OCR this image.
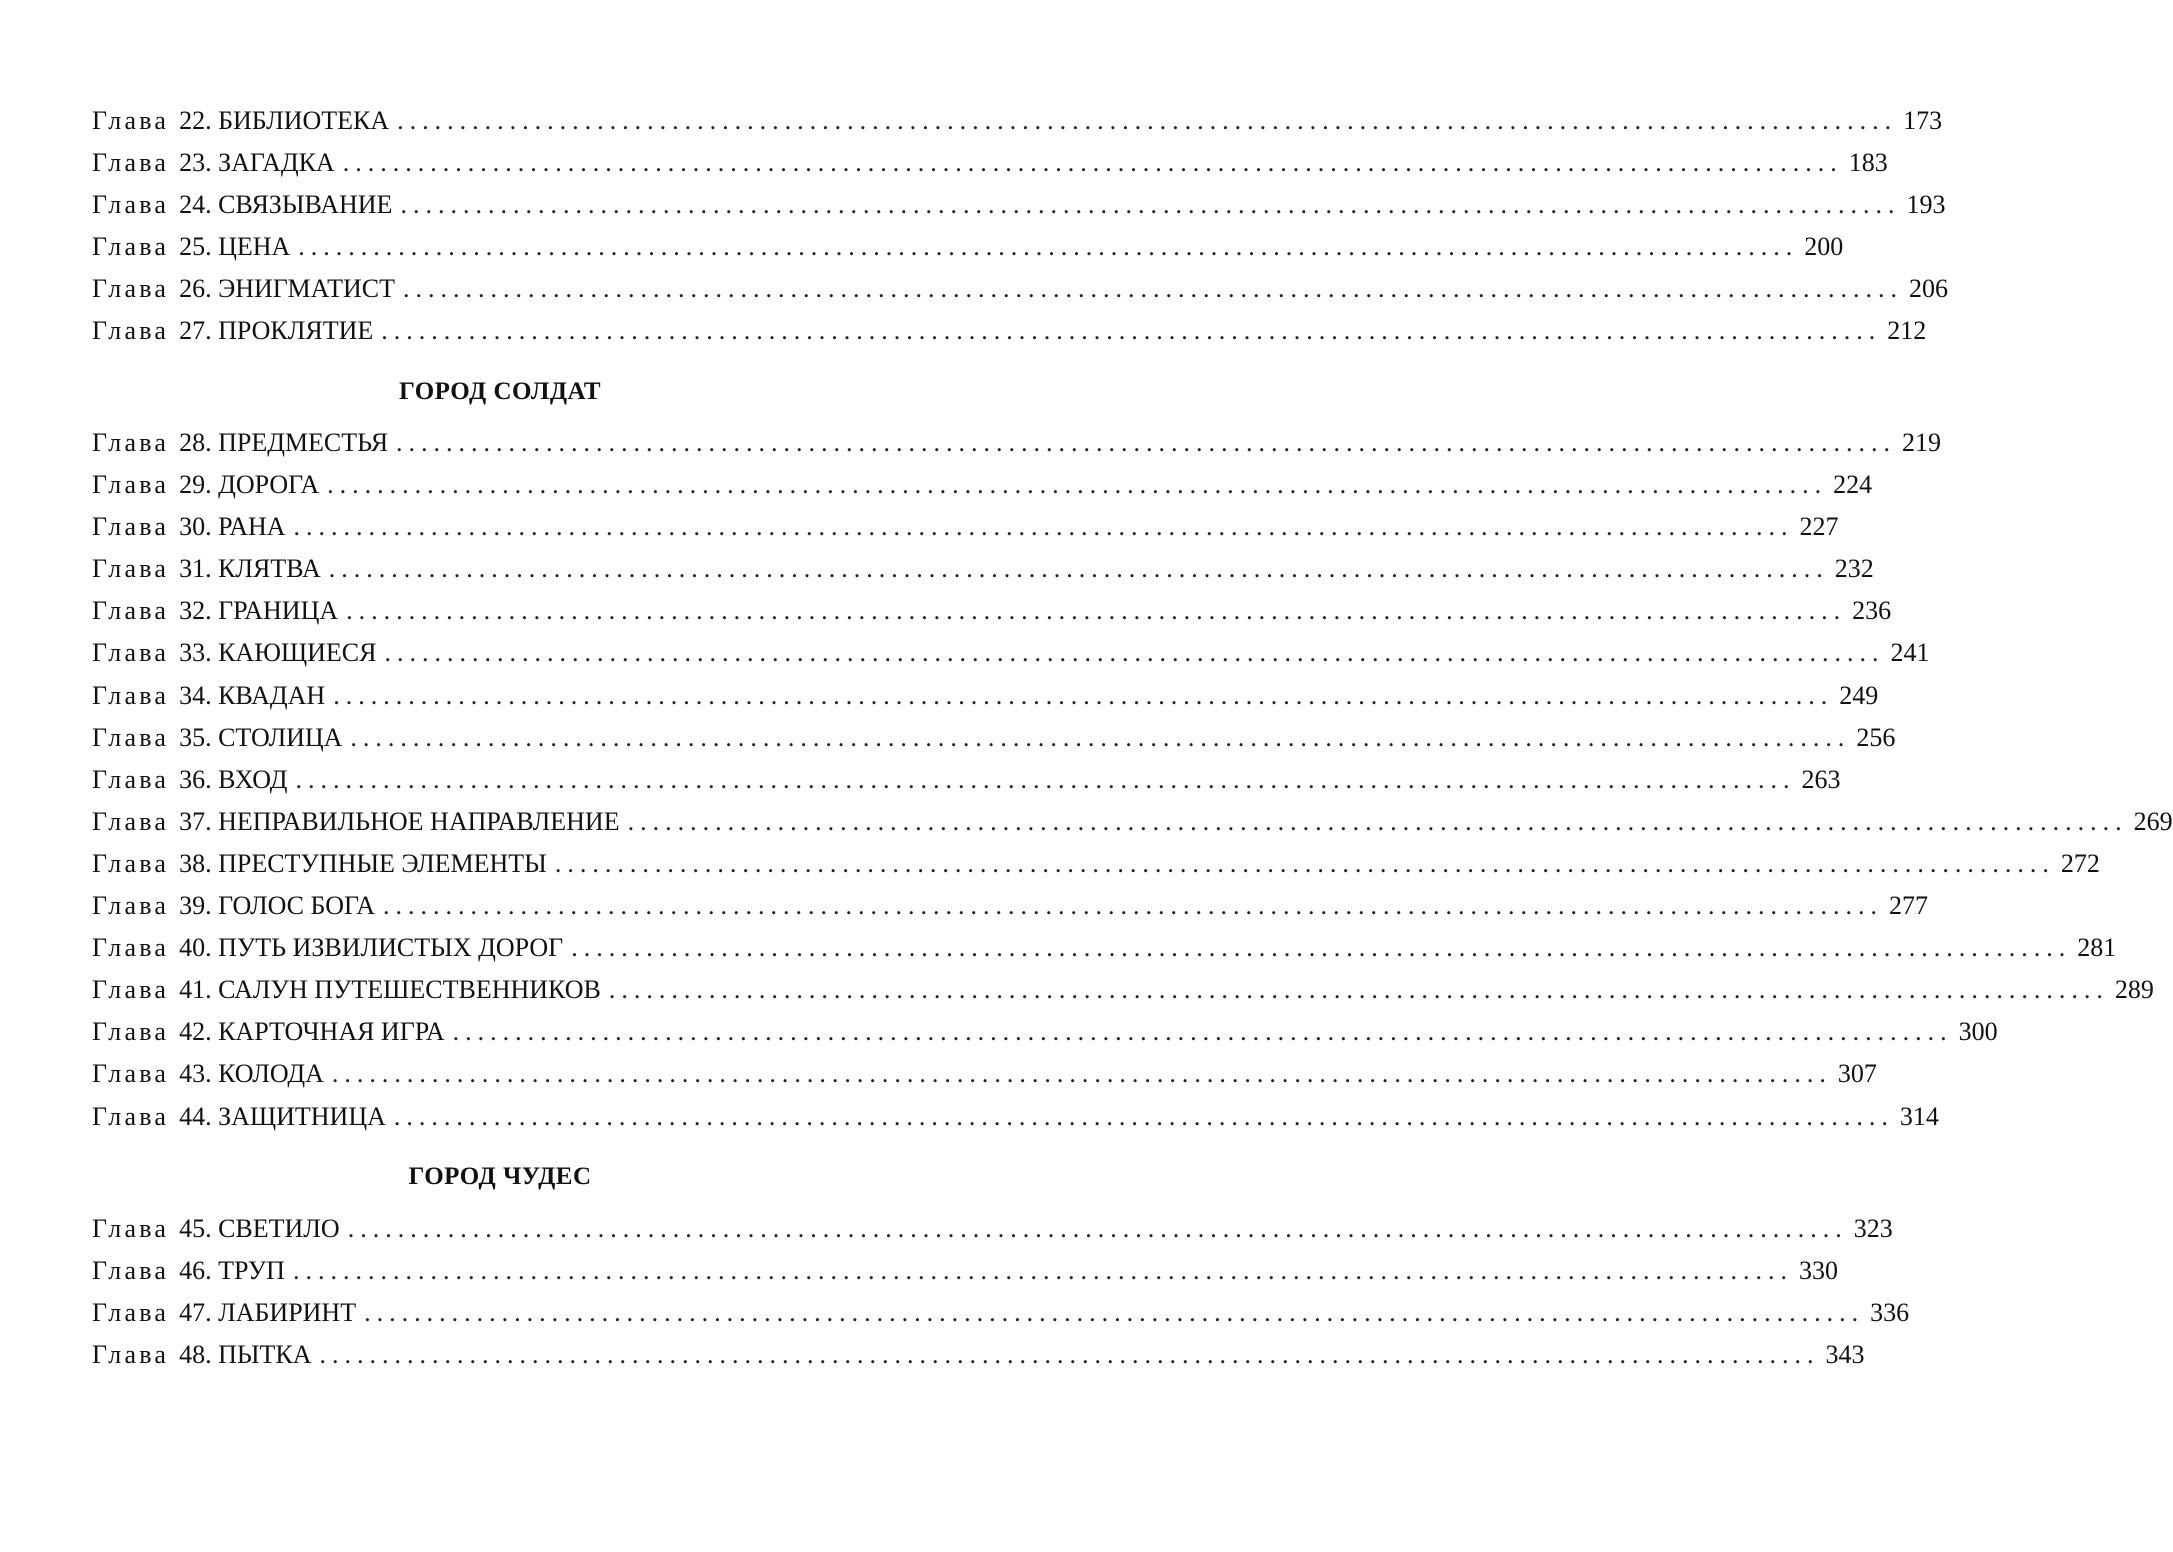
Глава 22. БИБЛИОТЕКА ........................................................................................................................ 173
Глава 23. ЗАГАДКА ........................................................................................................................ 183
Глава 24. СВЯЗЫВАНИЕ ........................................................................................................................ 193
Глава 25. ЦЕНА ........................................................................................................................ 200
Глава 26. ЭНИГМАТИСТ ........................................................................................................................ 206
Глава 27. ПРОКЛЯТИЕ ........................................................................................................................ 212
ГОРОД СОЛДАТ
Глава 28. ПРЕДМЕСТЬЯ ........................................................................................................................ 219
Глава 29. ДОРОГА ........................................................................................................................ 224
Глава 30. РАНА ........................................................................................................................ 227
Глава 31. КЛЯТВА ........................................................................................................................ 232
Глава 32. ГРАНИЦА ........................................................................................................................ 236
Глава 33. КАЮЩИЕСЯ ........................................................................................................................ 241
Глава 34. КВАДАН ........................................................................................................................ 249
Глава 35. СТОЛИЦА ........................................................................................................................ 256
Глава 36. ВХОД ........................................................................................................................ 263
Глава 37. НЕПРАВИЛЬНОЕ НАПРАВЛЕНИЕ ........................................................................................................................ 269
Глава 38. ПРЕСТУПНЫЕ ЭЛЕМЕНТЫ ........................................................................................................................ 272
Глава 39. ГОЛОС БОГА ........................................................................................................................ 277
Глава 40. ПУТЬ ИЗВИЛИСТЫХ ДОРОГ ........................................................................................................................ 281
Глава 41. САЛУН ПУТЕШЕСТВЕННИКОВ ........................................................................................................................ 289
Глава 42. КАРТОЧНАЯ ИГРА ........................................................................................................................ 300
Глава 43. КОЛОДА ........................................................................................................................ 307
Глава 44. ЗАЩИТНИЦА ........................................................................................................................ 314
ГОРОД ЧУДЕС
Глава 45. СВЕТИЛО ........................................................................................................................ 323
Глава 46. ТРУП ........................................................................................................................ 330
Глава 47. ЛАБИРИНТ ........................................................................................................................ 336
Глава 48. ПЫТКА ........................................................................................................................ 343
